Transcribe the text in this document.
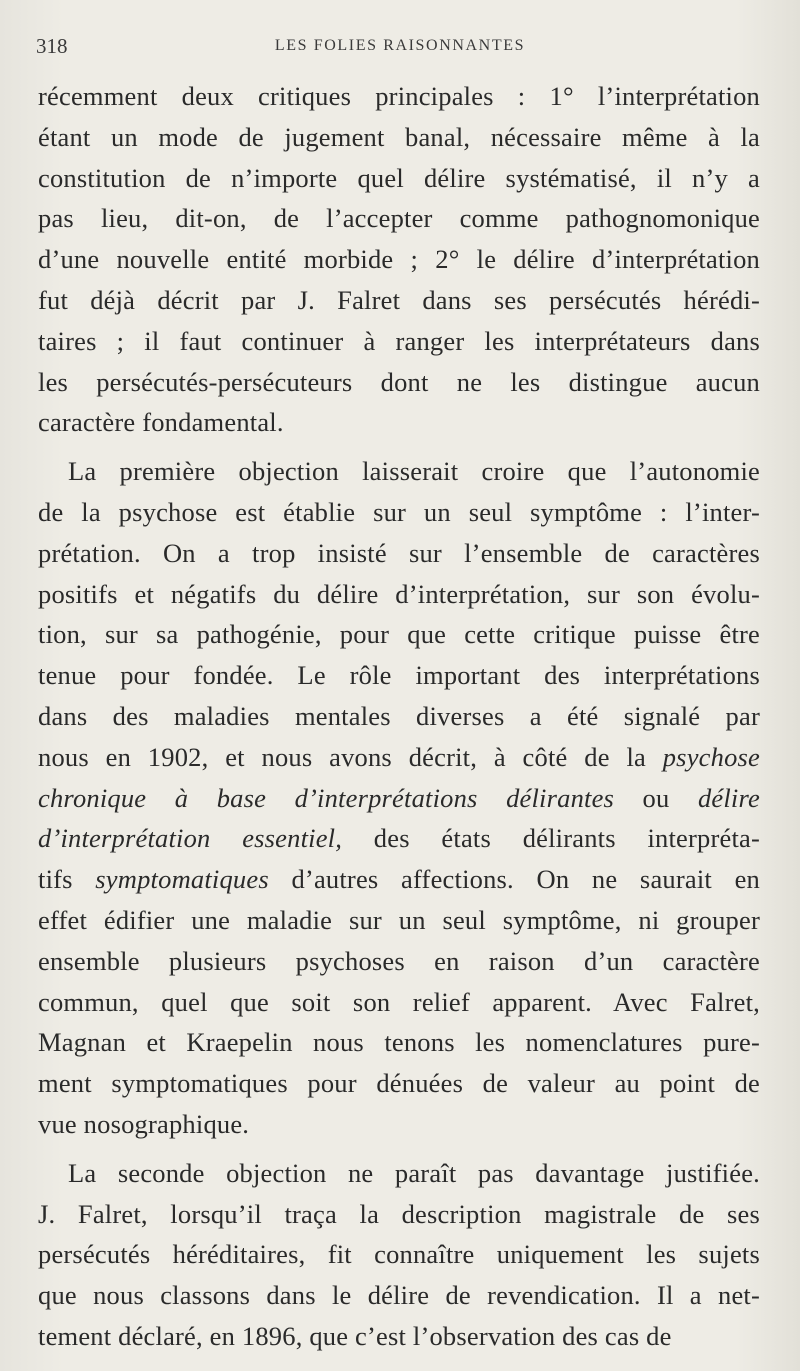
318	LES FOLIES RAISONNANTES
récemment deux critiques principales : 1° l’interprétation
étant un mode de jugement banal, nécessaire même à la
constitution de n’importe quel délire systématisé, il n’y a
pas lieu, dit-on, de l’accepter comme pathognomonique
d’une nouvelle entité morbide ; 2° le délire d’interprétation
fut déjà décrit par J. Falret dans ses persécutés hérédi-
taires ; il faut continuer à ranger les interprétateurs dans
les persécutés-persécuteurs dont ne les distingue aucun
caractère fondamental.
La première objection laisserait croire que l’autonomie
de la psychose est établie sur un seul symptôme : l’inter-
prétation. On a trop insisté sur l’ensemble de caractères
positifs et négatifs du délire d’interprétation, sur son évolu-
tion, sur sa pathogénie, pour que cette critique puisse être
tenue pour fondée. Le rôle important des interprétations
dans des maladies mentales diverses a été signalé par
nous en 1902, et nous avons décrit, à côté de la psychose
chronique à base d’interprétations délirantes ou délire
d’interprétation essentiel, des états délirants interpréta-
tifs symptomatiques d’autres affections. On ne saurait en
effet édifier une maladie sur un seul symptôme, ni grouper
ensemble plusieurs psychoses en raison d’un caractère
commun, quel que soit son relief apparent. Avec Falret,
Magnan et Kraepelin nous tenons les nomenclatures pure-
ment symptomatiques pour dénuées de valeur au point de
vue nosographique.
La seconde objection ne paraît pas davantage justifiée.
J. Falret, lorsqu’il traça la description magistrale de ses
persécutés héréditaires, fit connaître uniquement les sujets
que nous classons dans le délire de revendication. Il a net-
tement déclaré, en 1896, que c’est l’observation des cas de
